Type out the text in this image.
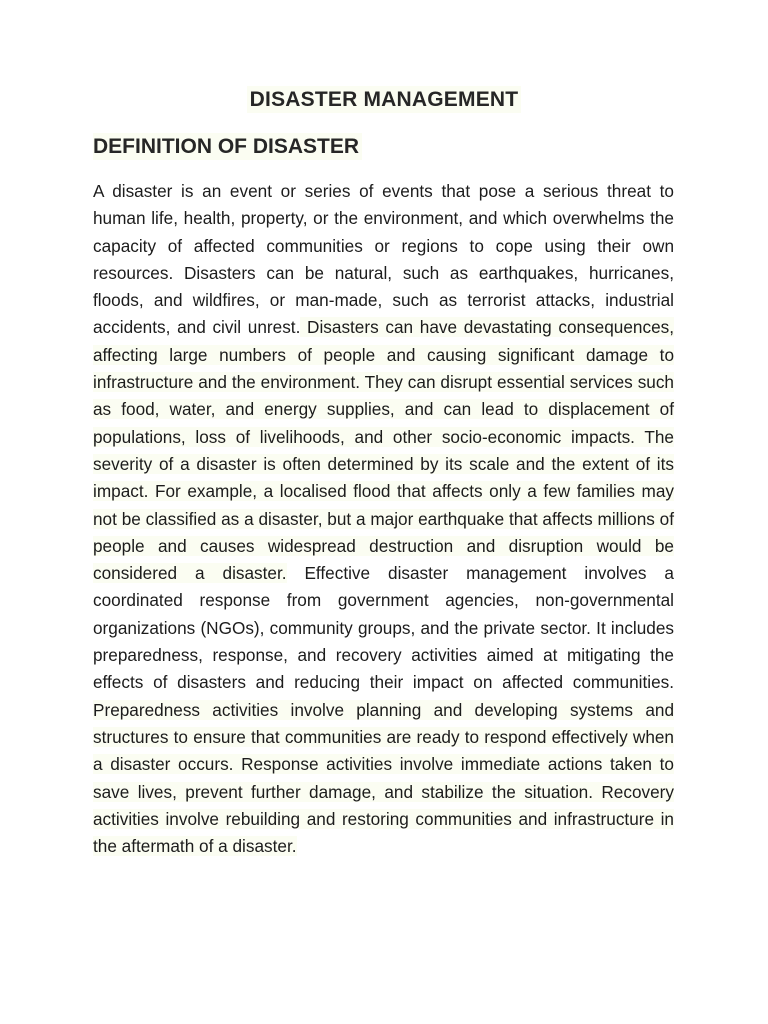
DISASTER MANAGEMENT
DEFINITION OF DISASTER

A disaster is an event or series of events that pose a serious threat to human life, health, property, or the environment, and which overwhelms the capacity of affected communities or regions to cope using their own resources. Disasters can be natural, such as earthquakes, hurricanes, floods, and wildfires, or man-made, such as terrorist attacks, industrial accidents, and civil unrest. Disasters can have devastating consequences, affecting large numbers of people and causing significant damage to infrastructure and the environment. They can disrupt essential services such as food, water, and energy supplies, and can lead to displacement of populations, loss of livelihoods, and other socio-economic impacts. The severity of a disaster is often determined by its scale and the extent of its impact. For example, a localised flood that affects only a few families may not be classified as a disaster, but a major earthquake that affects millions of people and causes widespread destruction and disruption would be considered a disaster. Effective disaster management involves a coordinated response from government agencies, non-governmental organizations (NGOs), community groups, and the private sector. It includes preparedness, response, and recovery activities aimed at mitigating the effects of disasters and reducing their impact on affected communities. Preparedness activities involve planning and developing systems and structures to ensure that communities are ready to respond effectively when a disaster occurs. Response activities involve immediate actions taken to save lives, prevent further damage, and stabilize the situation. Recovery activities involve rebuilding and restoring communities and infrastructure in the aftermath of a disaster.
